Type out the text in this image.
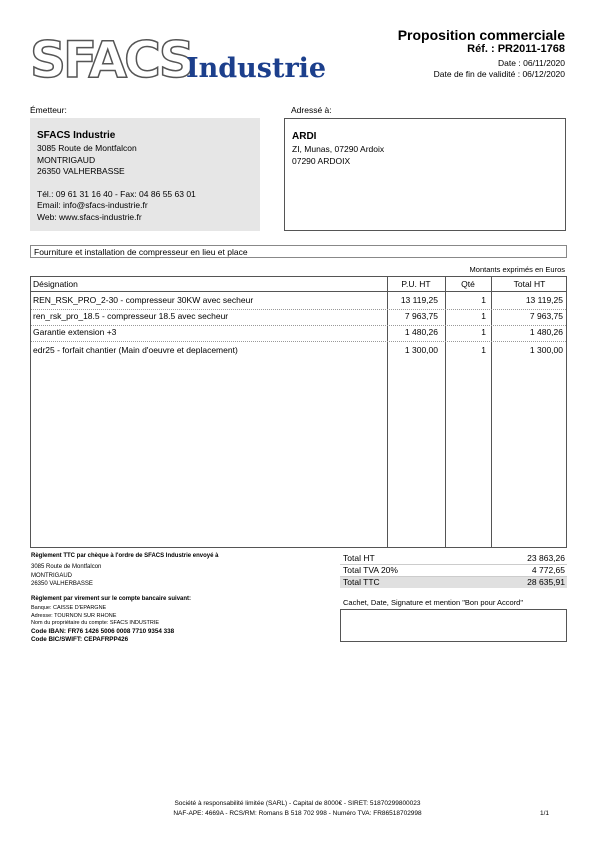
SFACS
Industrie
Proposition commerciale
Réf. : PR2011-1768
Date : 06/11/2020
Date de fin de validité : 06/12/2020
Émetteur:
SFACS Industrie
3085 Route de Montfalcon
MONTRIGAUD
26350 VALHERBASSE
Tél.: 09 61 31 16 40 - Fax: 04 86 55 63 01
Email: info@sfacs-industrie.fr
Web: www.sfacs-industrie.fr
Adressé à:
ARDI
ZI, Munas, 07290 Ardoix
07290 ARDOIX
Fourniture et installation de compresseur en lieu et place
Montants exprimés en Euros
Désignation	P.U. HT	Qté	Total HT
REN_RSK_PRO_2-30 - compresseur 30KW avec secheur	13 119,25	1	13 119,25
ren_rsk_pro_18.5 - compresseur 18.5 avec secheur	7 963,75	1	7 963,75
Garantie extension +3	1 480,26	1	1 480,26
edr25 - forfait chantier (Main d'oeuvre et deplacement)	1 300,00	1	1 300,00
Règlement TTC par chèque à l'ordre de SFACS Industrie envoyé à
3085 Route de Montfalcon
MONTRIGAUD
26350 VALHERBASSE
Règlement par virement sur le compte bancaire suivant:
Banque: CAISSE D'EPARGNE
Adresse: TOURNON SUR RHONE
Nom du propriétaire du compte: SFACS INDUSTRIE
Code IBAN: FR76 1426 5006 0008 7710 9354 338
Code BIC/SWIFT: CEPAFRPP426
Total HT	23 863,26
Total TVA 20%	4 772,65
Total TTC	28 635,91
Cachet, Date, Signature et mention "Bon pour Accord"
Société à responsabilité limitée (SARL) - Capital de 8000€ - SIRET: 51870299800023
NAF-APE: 4669A - RCS/RM: Romans B 518 702 998 - Numéro TVA: FR86518702998	1/1
